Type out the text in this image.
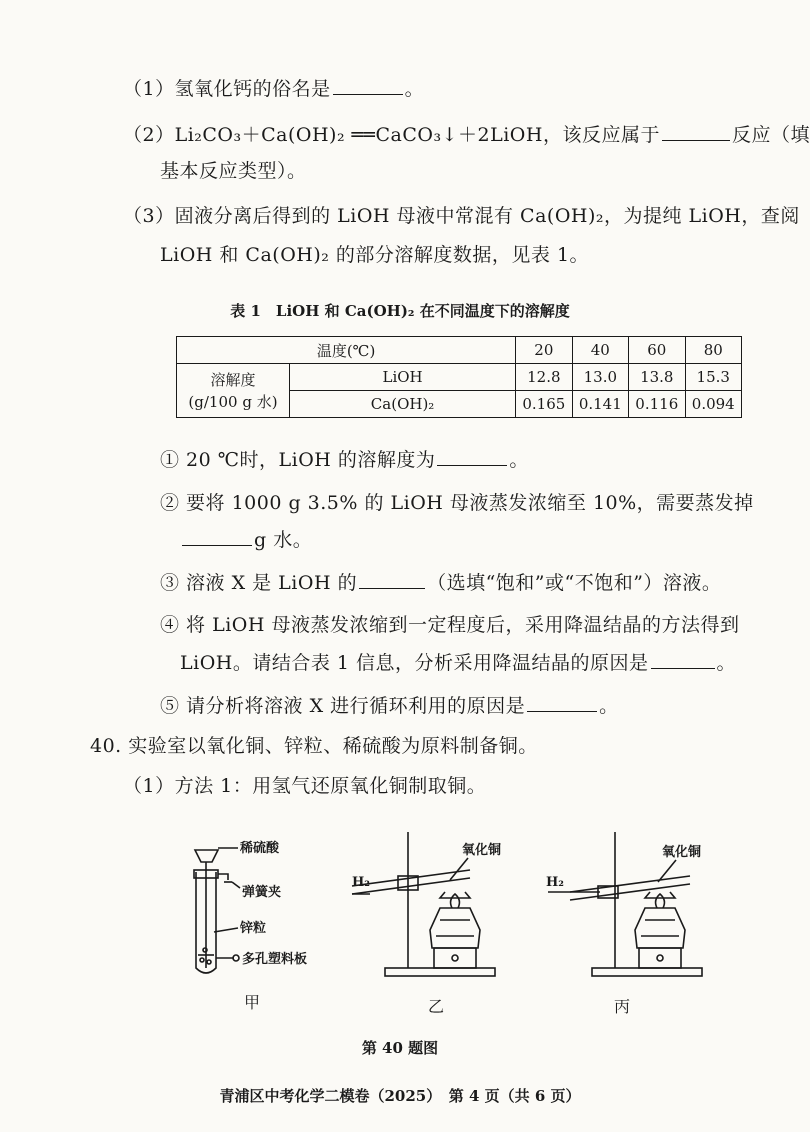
（1）氢氧化钙的俗名是	。
（2）Li₂CO₃＋Ca(OH)₂ ══CaCO₃↓＋2LiOH，该反应属于	反应（填
基本反应类型）。
（3）固液分离后得到的 LiOH 母液中常混有 Ca(OH)₂，为提纯 LiOH，查阅
LiOH 和 Ca(OH)₂ 的部分溶解度数据，见表 1。
表 1　LiOH 和 Ca(OH)₂ 在不同温度下的溶解度
温度(℃)		20	40	60	80

溶解度
(g/100 g 水)	LiOH	12.8	13.0	13.8	15.3
	Ca(OH)₂	0.165	0.141	0.116	0.094
① 20 ℃时，LiOH 的溶解度为	。
② 要将 1000 g 3.5% 的 LiOH 母液蒸发浓缩至 10%，需要蒸发掉
g 水。
③ 溶液 X 是 LiOH 的	（选填“饱和”或“不饱和”）溶液。
④ 将 LiOH 母液蒸发浓缩到一定程度后，采用降温结晶的方法得到
LiOH。请结合表 1 信息，分析采用降温结晶的原因是	。
⑤ 请分析将溶液 X 进行循环利用的原因是	。
40. 实验室以氧化铜、锌粒、稀硫酸为原料制备铜。
（1）方法 1：用氢气还原氧化铜制取铜。
稀硫酸
弹簧夹
锌粒
多孔塑料板
H₂
氧化铜
H₂
氧化铜
甲	乙	丙
第 40 题图
青浦区中考化学二模卷（2025）　第 4 页（共 6 页）
